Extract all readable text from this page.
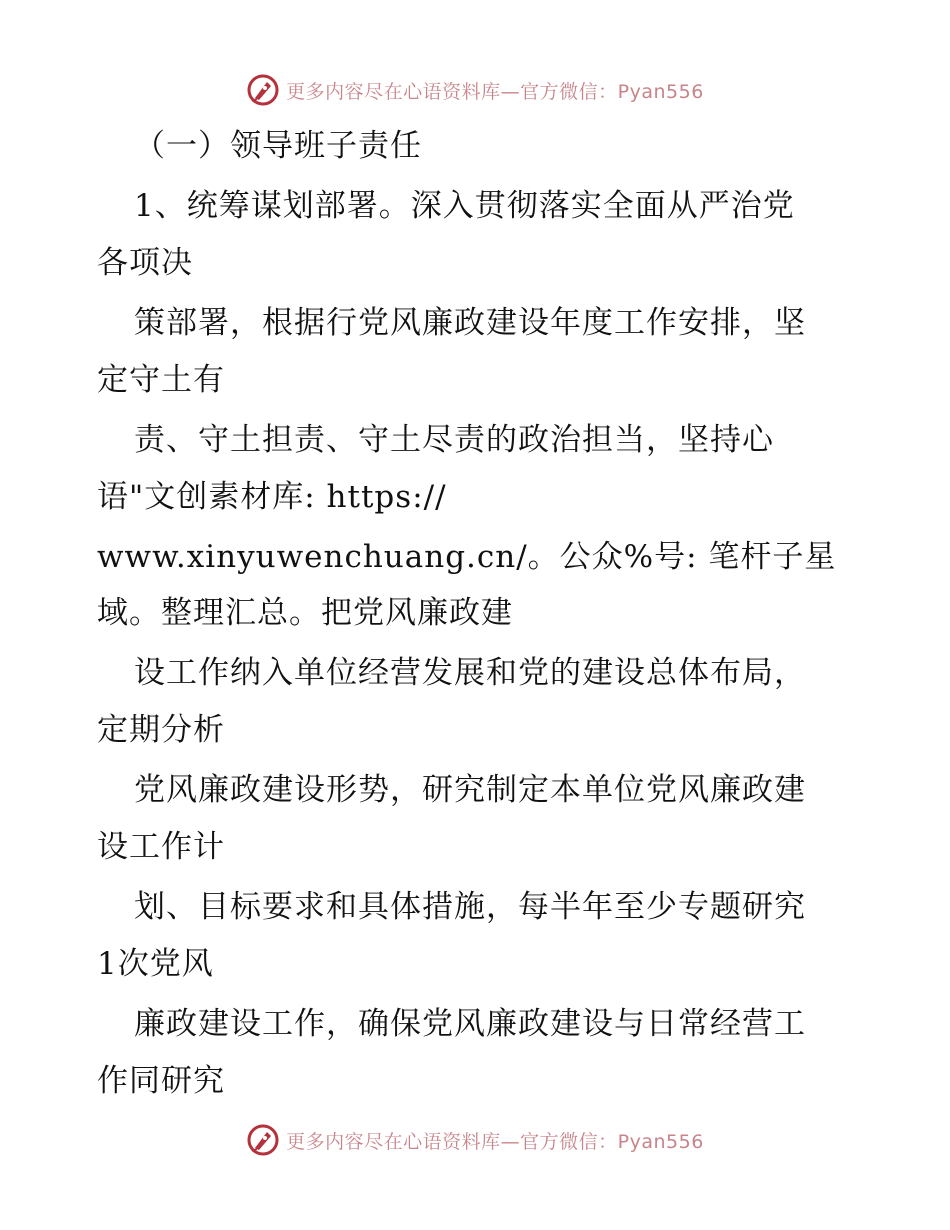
更多内容尽在心语资料库—官方微信：Pyan556
（一）领导班子责任
1、统筹谋划部署。深入贯彻落实全面从严治党
各项决
策部署，根据行党风廉政建设年度工作安排，坚
定守土有
责、守土担责、守土尽责的政治担当，坚持心
语"文创素材库: https://
www.xinyuwenchuang.cn/。公众%号: 笔杆子星
域。整理汇总。把党风廉政建
设工作纳入单位经营发展和党的建设总体布局，
定期分析
党风廉政建设形势，研究制定本单位党风廉政建
设工作计
划、目标要求和具体措施，每半年至少专题研究
1次党风
廉政建设工作，确保党风廉政建设与日常经营工
作同研究
更多内容尽在心语资料库—官方微信：Pyan556
